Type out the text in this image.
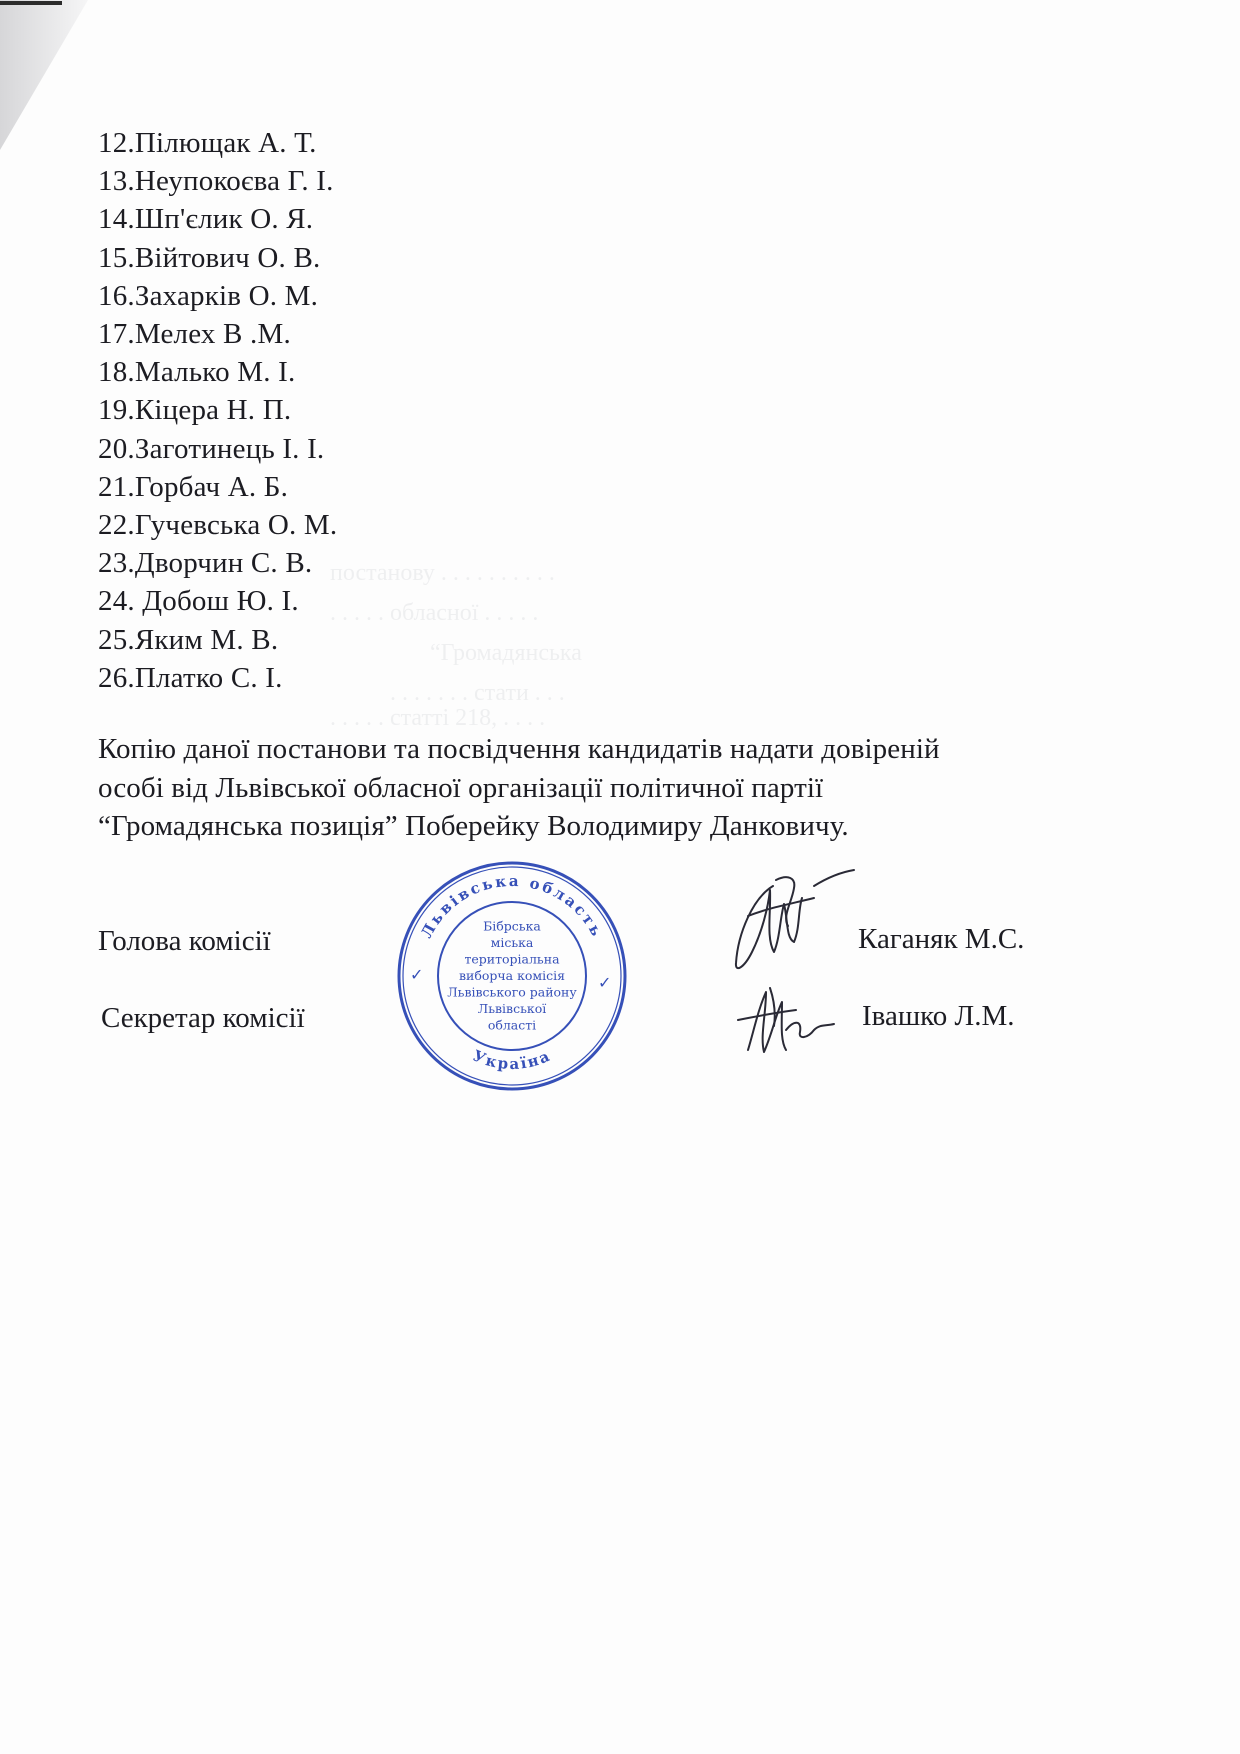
постанову . . . . . . . . . .
. . . . . обласної . . . . .
“Громадянська
. . . . . . . стати . . .
. . . . . статті 218, . . . .
12.Пілющак А. Т.
13.Неупокоєва Г. І.
14.Шп'єлик О. Я.
15.Війтович О. В.
16.Захарків О. М.
17.Мелех В .М.
18.Малько М. І.
19.Кіцера Н. П.
20.Заготинець І. І.
21.Горбач А. Б.
22.Гучевська О. М.
23.Дворчин С. В.
24. Добош Ю. І.
25.Яким М. В.
26.Платко С. І.

Копію даної постанови та посвідчення кандидатів надати довіреній

особі від Львівської обласної організації політичної партії

“Громадянська позиція” Поберейку Володимиру Данковичу.

Голова комісії
Секретар комісії
Каганяк М.С.
Івашко Л.М.
Львівська область
Україна
Бібрська
міська
територіальна
виборча комісія
Львівського району
Львівської
області
✓	✓
